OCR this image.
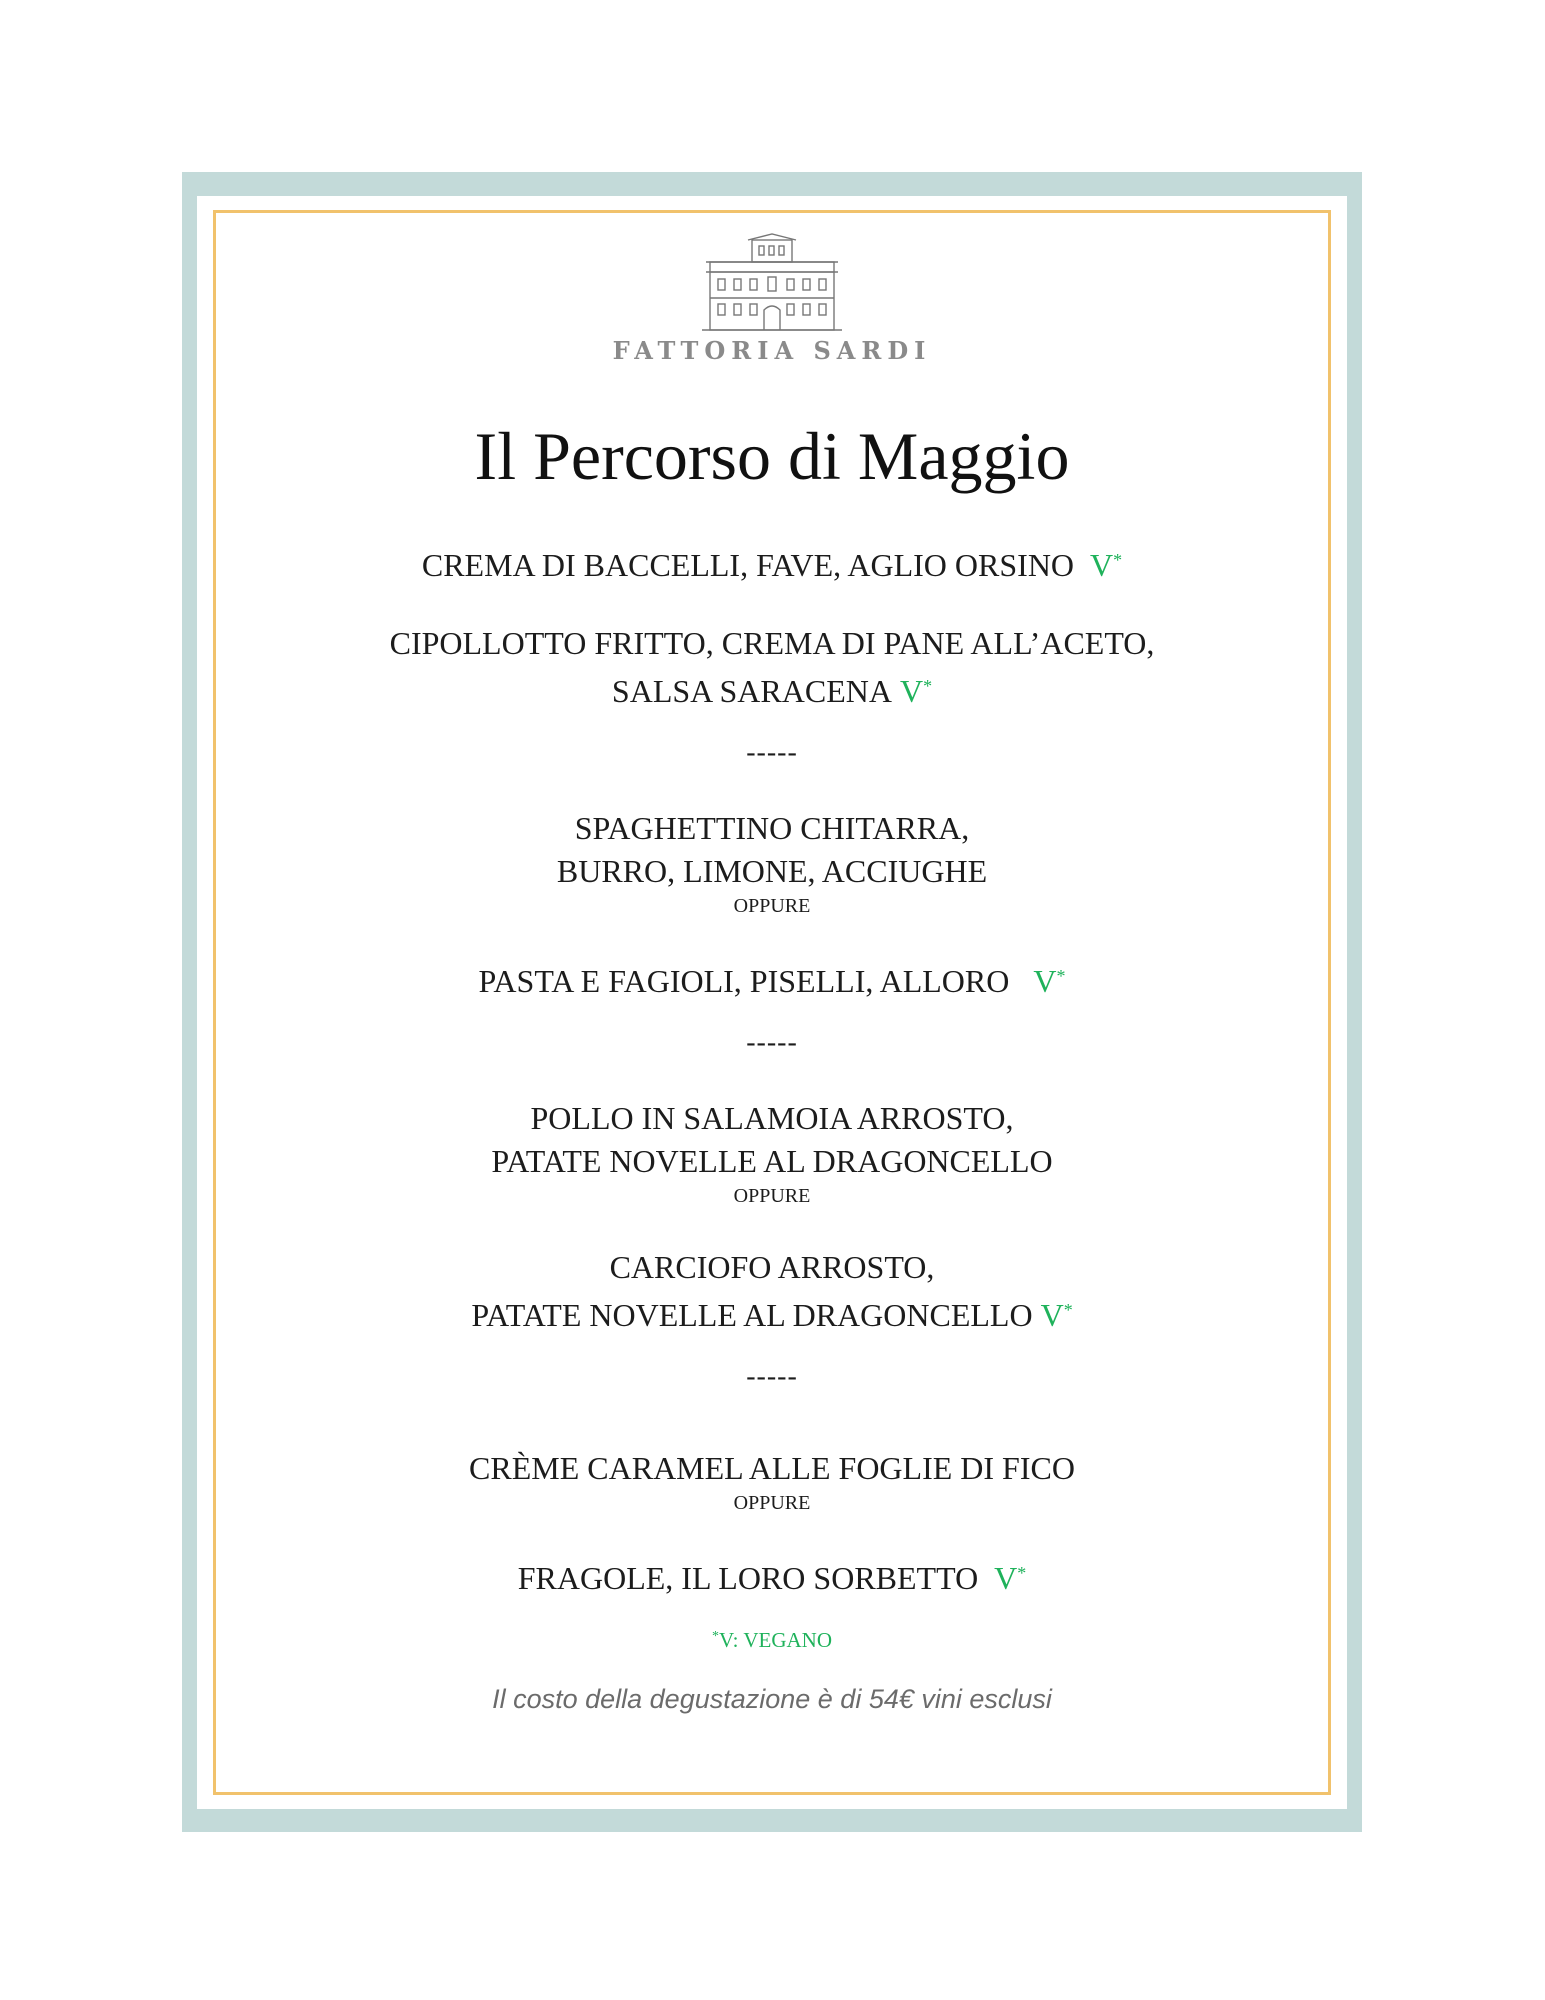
FATTORIA SARDI
Il Percorso di Maggio
CREMA DI BACCELLI, FAVE, AGLIO ORSINO V*
CIPOLLOTTO FRITTO, CREMA DI PANE ALL’ACETO,
SALSA SARACENA V*
-----
SPAGHETTINO CHITARRA,
BURRO, LIMONE, ACCIUGHE
OPPURE
PASTA E FAGIOLI, PISELLI, ALLORO V*
-----
POLLO IN SALAMOIA ARROSTO,
PATATE NOVELLE AL DRAGONCELLO
OPPURE
CARCIOFO ARROSTO,
PATATE NOVELLE AL DRAGONCELLO V*
-----
CRÈME CARAMEL ALLE FOGLIE DI FICO
OPPURE
FRAGOLE, IL LORO SORBETTO V*
*V: VEGANO
Il costo della degustazione è di 54€ vini esclusi
